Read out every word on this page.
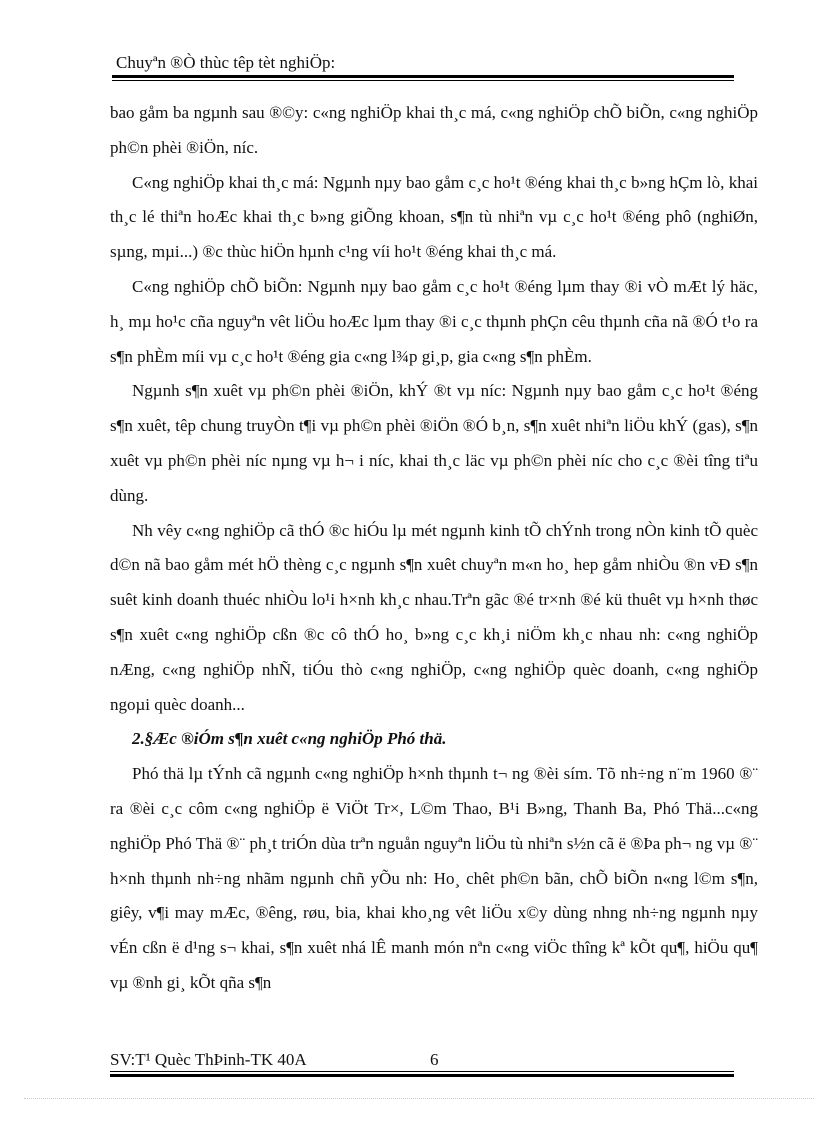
Chuyªn ®Ò thùc têp tèt nghiÖp:

bao gåm ba ngµnh sau ®©y: c«ng nghiÖp khai th¸c má, c«ng nghiÖp chÕ biÕn, c«ng nghiÖp ph©n phèi ®iÖn, níc.

C«ng nghiÖp khai th¸c má: Ngµnh nµy bao gåm c¸c ho¹t ®éng khai th¸c b»ng hÇm lò, khai th¸c lé thiªn hoÆc khai th¸c b»ng giÕng khoan, s¶n tù nhiªn vµ c¸c ho¹t ®éng phô (nghiØn, sµng, mµi...) ®c thùc hiÖn hµnh c¹ng víi ho¹t ®éng khai th¸c má.

C«ng nghiÖp chÕ biÕn: Ngµnh nµy bao gåm c¸c ho¹t ®éng lµm thay ®i vÒ mÆt lý häc, h¸ mµ ho¹c cña nguyªn vêt liÖu hoÆc lµm thay ®i c¸c thµnh phÇn cêu thµnh cña nã ®Ó t¹o ra s¶n phÈm míi vµ c¸c ho¹t ®éng gia c«ng l¾p gi¸p, gia c«ng s¶n phÈm.

Ngµnh s¶n xuêt vµ ph©n phèi ®iÖn, khÝ ®t vµ níc: Ngµnh nµy bao gåm c¸c ho¹t ®éng s¶n xuêt, têp chung truyÒn t¶i vµ ph©n phèi ®iÖn ®Ó b¸n, s¶n xuêt nhiªn liÖu khÝ (gas), s¶n xuêt vµ ph©n phèi níc nµng vµ h¬ i níc, khai th¸c läc vµ ph©n phèi níc cho c¸c ®èi tîng tiªu dùng.

Nh vêy c«ng nghiÖp cã thÓ ®c hiÓu lµ mét ngµnh kinh tÕ chÝnh trong nÒn kinh tÕ quèc d©n nã bao gåm mét hÖ thèng c¸c ngµnh s¶n xuêt chuyªn m«n ho¸ hep gåm nhiÒu ®n vÐ s¶n suêt kinh doanh thuéc nhiÒu lo¹i h×nh kh¸c nhau.Trªn gãc ®é tr×nh ®é kü thuêt vµ h×nh thøc s¶n xuêt c«ng nghiÖp cßn ®c cô thÓ ho¸ b»ng c¸c kh¸i niÖm kh¸c nhau nh: c«ng nghiÖp nÆng, c«ng nghiÖp nhÑ, tiÓu thò c«ng nghiÖp, c«ng nghiÖp quèc doanh, c«ng nghiÖp ngoµi quèc doanh...

2.§Æc ®iÓm s¶n xuêt c«ng nghiÖp Phó thä.

Phó thä lµ tÝnh cã ngµnh c«ng nghiÖp h×nh thµnh t¬ ng ®èi sím. Tõ nh÷ng n¨m 1960 ®¨ ra ®èi c¸c côm c«ng nghiÖp ë ViÖt Tr×, L©m Thao, B¹i B»ng, Thanh Ba, Phó Thä...c«ng nghiÖp Phó Thä ®¨ ph¸t triÓn dùa trªn nguån nguyªn liÖu tù nhiªn s½n cã ë ®Þa ph¬ ng vµ ®¨ h×nh thµnh nh÷ng nhãm ngµnh chñ yÕu nh: Ho¸ chêt ph©n bãn, chÕ biÕn n«ng l©m s¶n, giêy, v¶i may mÆc, ®êng, røu, bia, khai kho¸ng vêt liÖu x©y dùng nhng nh÷ng ngµnh nµy vÉn cßn ë d¹ng s¬ khai, s¶n xuêt nhá lÊ manh món nªn c«ng viÖc thîng kª kÕt qu¶, hiÖu qu¶ vµ ®nh gi¸ kÕt qña s¶n

SV:T¹ Quèc ThÞinh-TK 40A	6
